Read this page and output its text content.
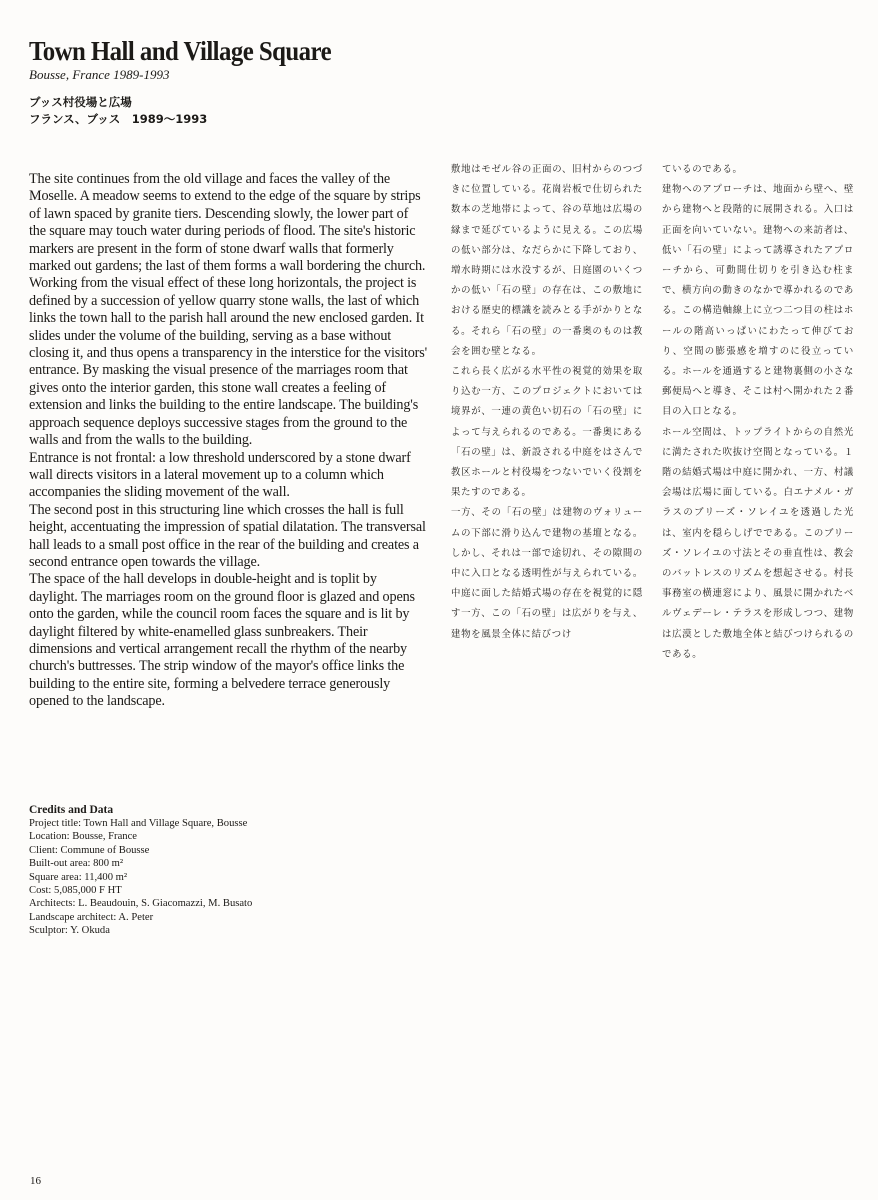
Town Hall and Village Square
Bousse, France 1989-1993
ブッス村役場と広場
フランス、ブッス　1989〜1993

The site continues from the old village and faces the valley of the Moselle. A meadow seems to extend to the edge of the square by strips of lawn spaced by granite tiers. Descending slowly, the lower part of the square may touch water during periods of flood. The site's historic markers are present in the form of stone dwarf walls that formerly marked out gardens; the last of them forms a wall bordering the church.

Working from the visual effect of these long horizontals, the project is defined by a succession of yellow quarry stone walls, the last of which links the town hall to the parish hall around the new enclosed garden. It slides under the volume of the building, serving as a base without closing it, and thus opens a transparency in the interstice for the visitors' entrance. By masking the visual presence of the marriages room that gives onto the interior garden, this stone wall creates a feeling of extension and links the building to the entire landscape. The building's approach sequence deploys successive stages from the ground to the walls and from the walls to the building.

Entrance is not frontal: a low threshold underscored by a stone dwarf wall directs visitors in a lateral movement up to a column which accompanies the sliding movement of the wall.

The second post in this structuring line which crosses the hall is full height, accentuating the impression of spatial dilatation. The transversal hall leads to a small post office in the rear of the building and creates a second entrance open towards the village.

The space of the hall develops in double-height and is toplit by daylight. The marriages room on the ground floor is glazed and opens onto the garden, while the council room faces the square and is lit by daylight filtered by white-enamelled glass sunbreakers. Their dimensions and vertical arrangement recall the rhythm of the nearby church's buttresses. The strip window of the mayor's office links the building to the entire site, forming a belvedere terrace generously opened to the landscape.

Credits and Data
Project title: Town Hall and Village Square, Bousse
Location: Bousse, France
Client: Commune of Bousse
Built-out area: 800 m²
Square area: 11,400 m²
Cost: 5,085,000 F HT
Architects: L. Beaudouin, S. Giacomazzi, M. Busato
Landscape architect: A. Peter
Sculptor: Y. Okuda

敷地はモゼル谷の正面の、旧村からのつづきに位置している。花崗岩板で仕切られた数本の芝地帯によって、谷の草地は広場の縁まで延びているように見える。この広場の低い部分は、なだらかに下降しており、増水時期には水没するが、日庭園のいくつかの低い「石の壁」の存在は、この敷地における歴史的標識を読みとる手がかりとなる。それら「石の壁」の一番奥のものは教会を囲む壁となる。

これら長く広がる水平性の視覚的効果を取り込む一方、このプロジェクトにおいては境界が、一連の黄色い切石の「石の壁」によって与えられるのである。一番奥にある「石の壁」は、新設される中庭をはさんで教区ホールと村役場をつないでいく役割を果たすのである。

一方、その「石の壁」は建物のヴォリュームの下部に滑り込んで建物の基壇となる。しかし、それは一部で途切れ、その隙間の中に入口となる透明性が与えられている。中庭に面した結婚式場の存在を視覚的に隠す一方、この「石の壁」は広がりを与え、建物を風景全体に結びつけ

ているのである。

建物へのアプローチは、地面から壁へ、壁から建物へと段階的に展開される。入口は正面を向いていない。建物への来訪者は、低い「石の壁」によって誘導されたアプローチから、可動間仕切りを引き込む柱まで、横方向の動きのなかで導かれるのである。この構造軸線上に立つ二つ目の柱はホールの階高いっぱいにわたって伸びており、空間の膨張感を増すのに役立っている。ホールを通過すると建物裏側の小さな郵便局へと導き、そこは村へ開かれた２番目の入口となる。

ホール空間は、トップライトからの自然光に満たされた吹抜け空間となっている。１階の結婚式場は中庭に開かれ、一方、村議会場は広場に面している。白エナメル・ガラスのブリーズ・ソレイユを透過した光は、室内を穏らしげでである。このブリーズ・ソレイユの寸法とその垂直性は、教会のバットレスのリズムを想起させる。村長事務室の横連窓により、風景に開かれたベルヴェデーレ・テラスを形成しつつ、建物は広漠とした敷地全体と結びつけられるのである。

16
